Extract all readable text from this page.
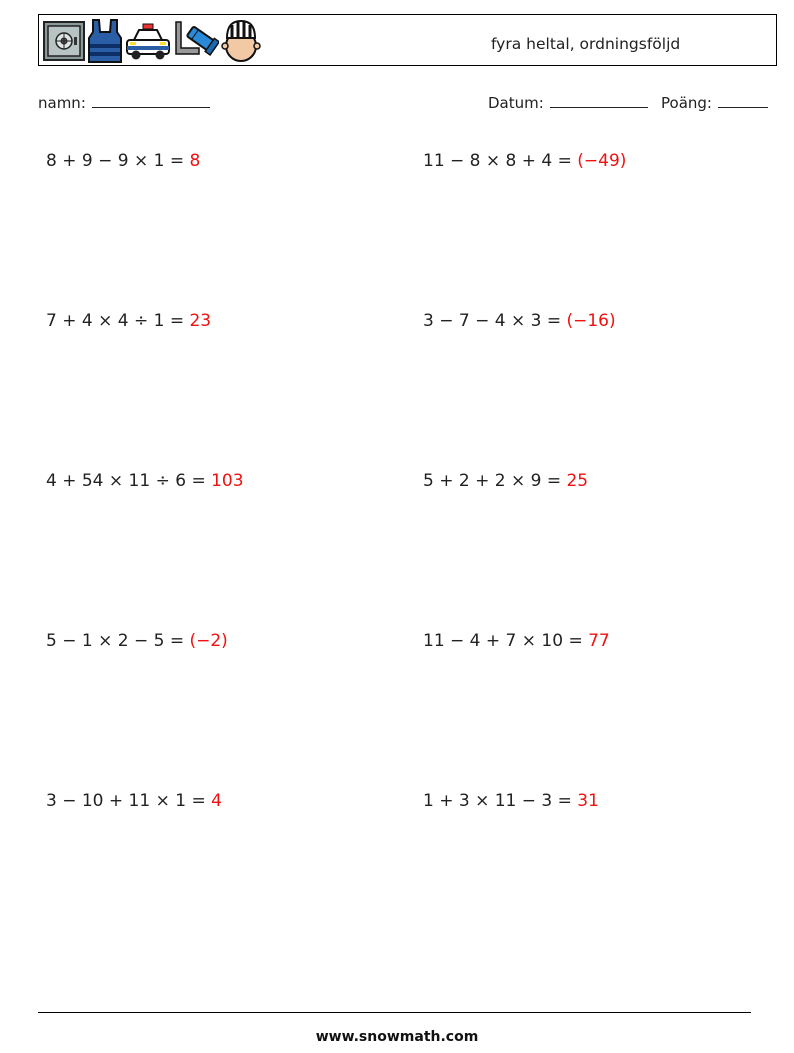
fyra heltal, ordningsföljd
namn:	Datum:	Poäng:
8 + 9 − 9 × 1 = 8	11 − 8 × 8 + 4 = (−49)
7 + 4 × 4 ÷ 1 = 23	3 − 7 − 4 × 3 = (−16)
4 + 54 × 11 ÷ 6 = 103	5 + 2 + 2 × 9 = 25
5 − 1 × 2 − 5 = (−2)	11 − 4 + 7 × 10 = 77
3 − 10 + 11 × 1 = 4	1 + 3 × 11 − 3 = 31
www.snowmath.com
